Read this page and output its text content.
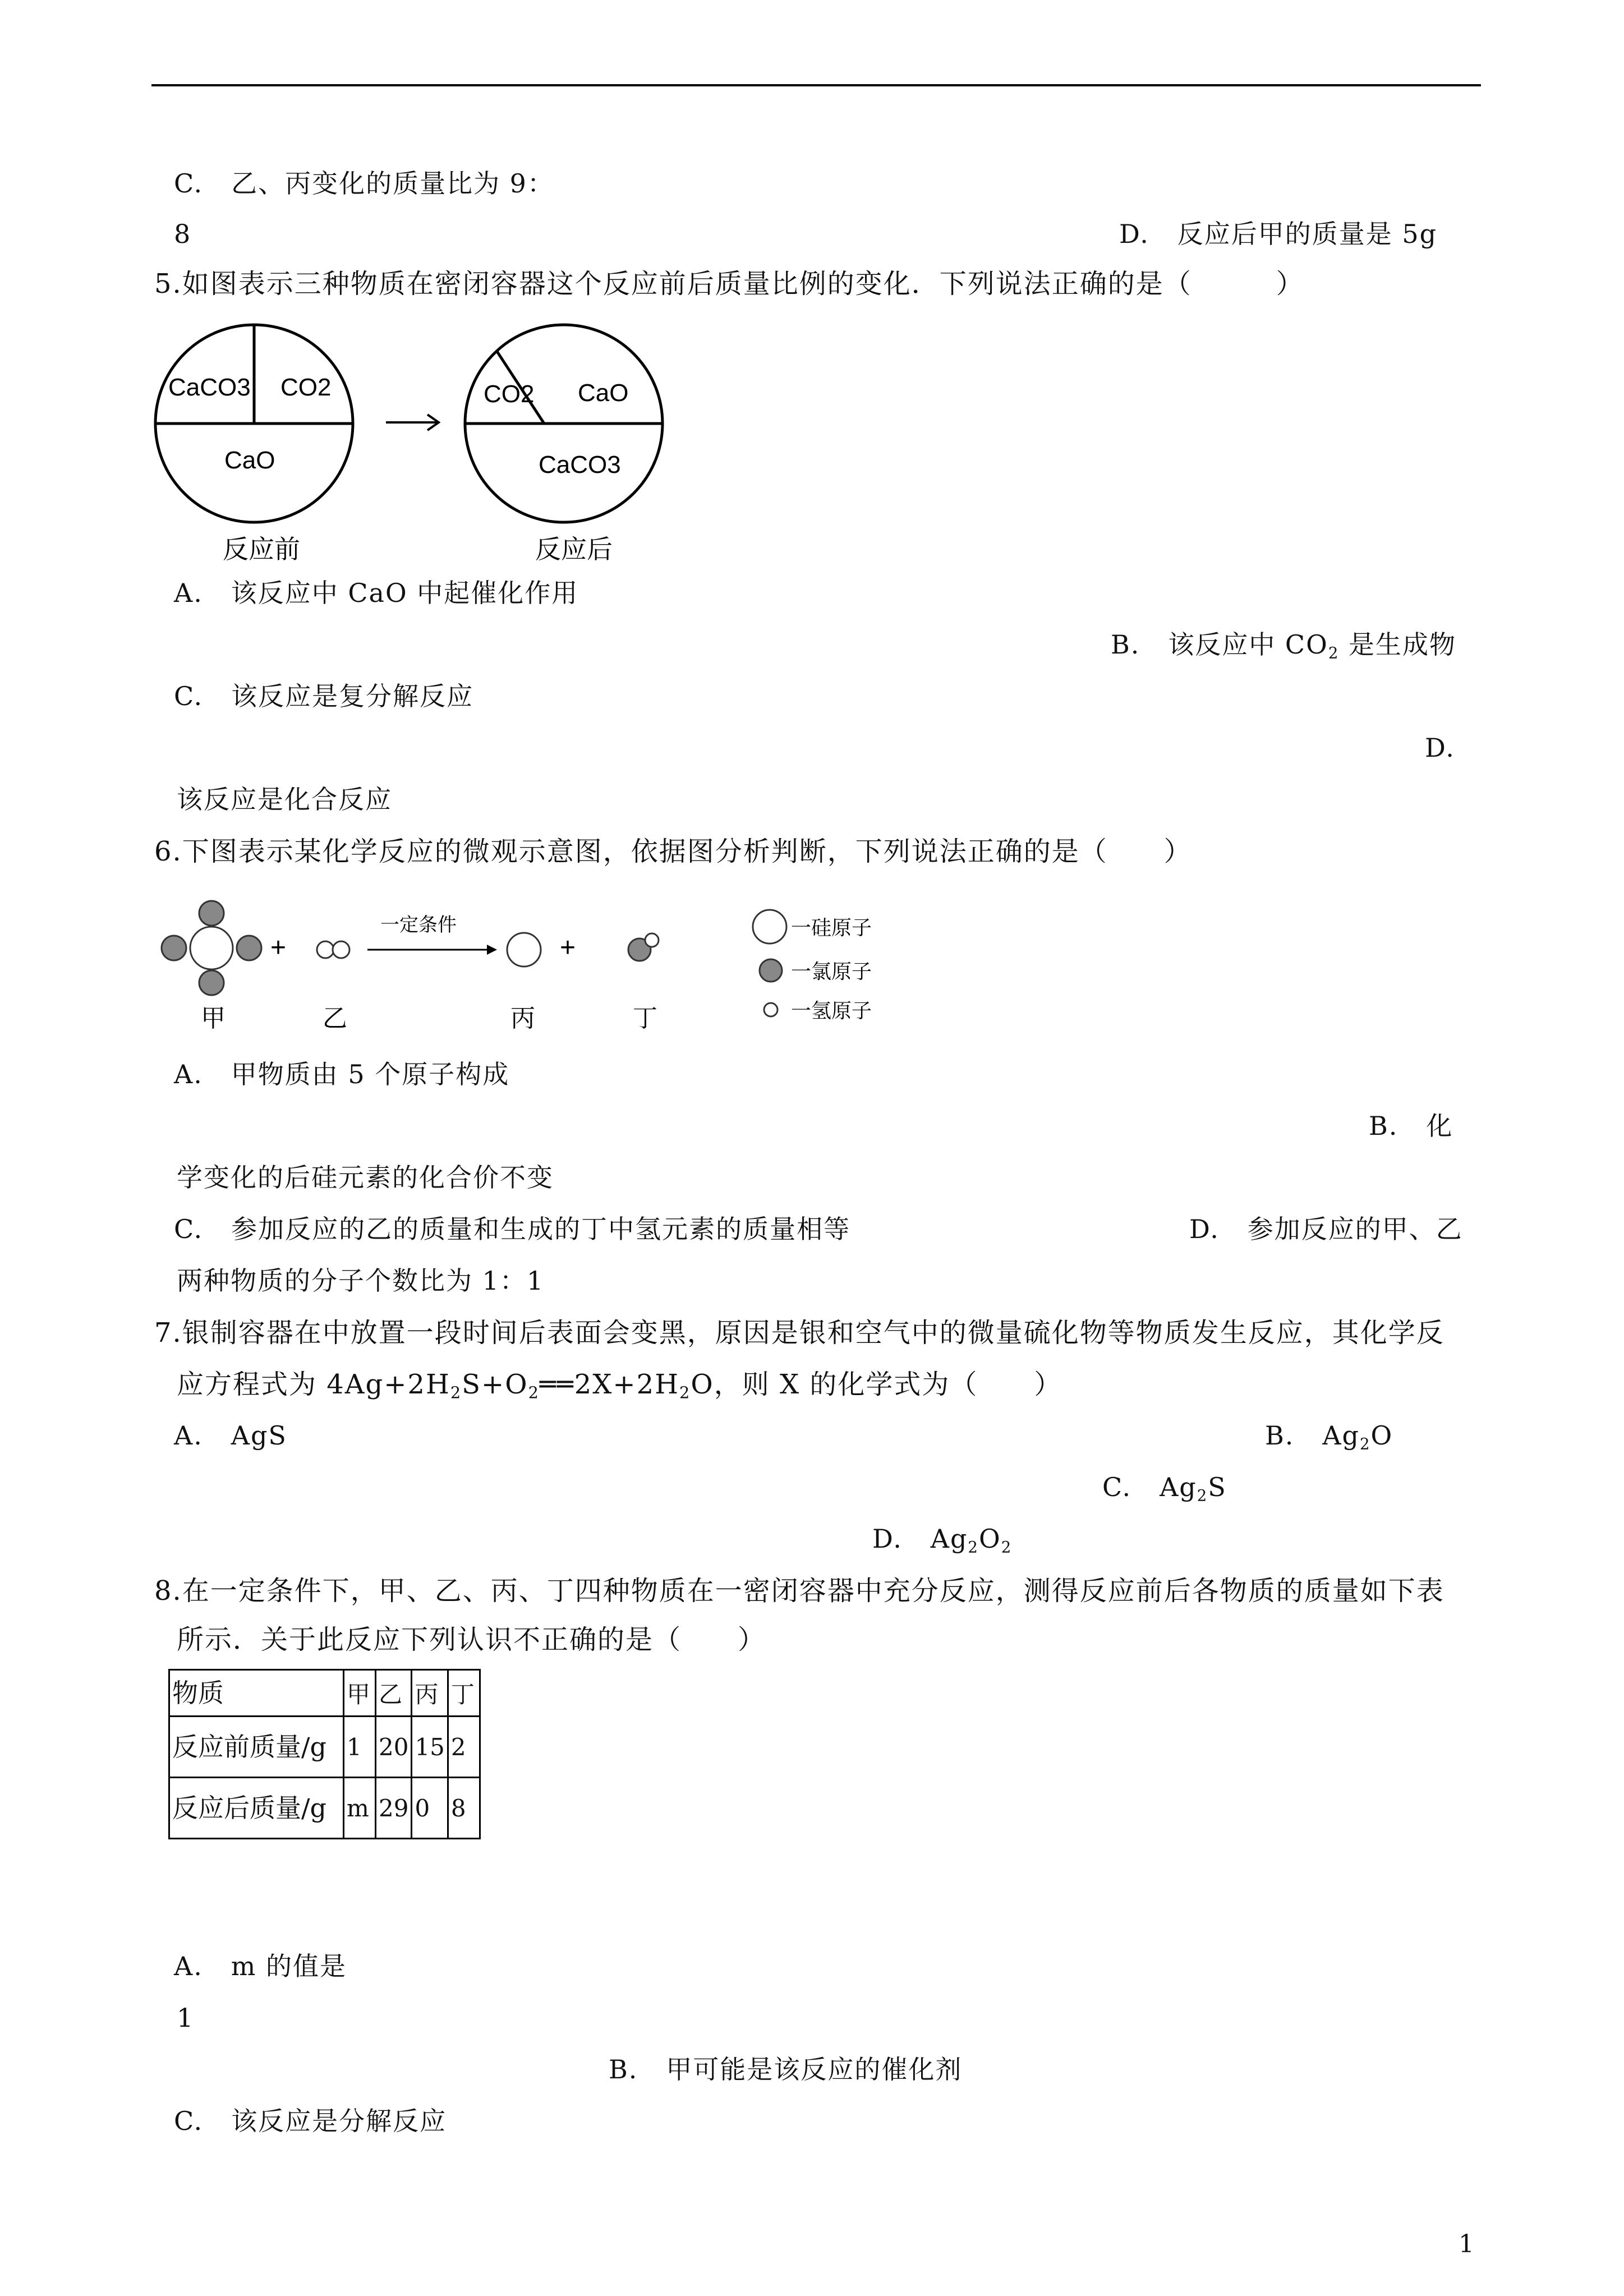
C. 乙、丙变化的质量比为 9：
8	D. 反应后甲的质量是 5g
5.如图表示三种物质在密闭容器这个反应前后质量比例的变化．下列说法正确的是（　　　）
CaCO3 CO2
CaO
反应前
CO2 CaO
CaCO3
反应后
A. 该反应中 CaO 中起催化作用
B. 该反应中 $CO_2$ 是生成物
C. 该反应是复分解反应
D.
该反应是化合反应
6.下图表示某化学反应的微观示意图，依据图分析判断，下列说法正确的是（　　）
甲
+
乙
一定条件
丙
+
丁
一硅原子
一氯原子
一氢原子
A. 甲物质由 5 个原子构成
B. 化
学变化的后硅元素的化合价不变
C. 参加反应的乙的质量和生成的丁中氢元素的质量相等	D. 参加反应的甲、乙
两种物质的分子个数比为 1：1
7.银制容器在中放置一段时间后表面会变黑，原因是银和空气中的微量硫化物等物质发生反应，其化学反
应方程式为 $4Ag+2H_2S+O_2══2X+2H_2O$，则 X 的化学式为（　　）
A. AgS	B. $Ag_2O$
C. $Ag_2S$
D. $Ag_2O_2$
8.在一定条件下，甲、乙、丙、丁四种物质在一密闭容器中充分反应，测得反应前后各物质的质量如下表
所示．关于此反应下列认识不正确的是（　　）
物质	甲	乙	丙	丁
反应前质量/g	1	20	15	2
反应后质量/g	m	29	0	8
A. m 的值是
1
B. 甲可能是该反应的催化剂
C. 该反应是分解反应
1
